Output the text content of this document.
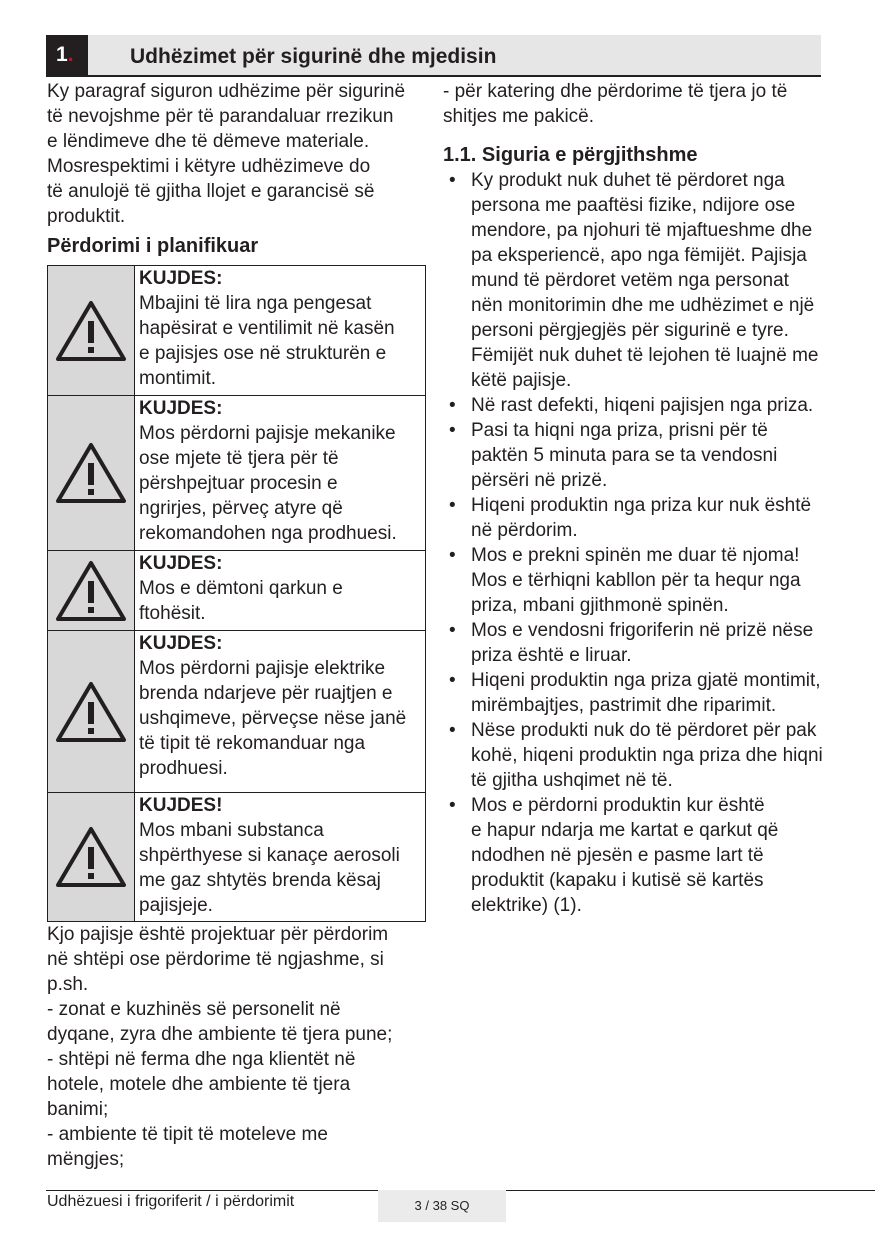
1.	Udhëzimet për sigurinë dhe mjedisin

Ky paragraf siguron udhëzime për sigurinë
të nevojshme për të parandaluar rrezikun
e lëndimeve dhe të dëmeve materiale.
Mosrespektimi i këtyre udhëzimeve do
të anulojë të gjitha llojet e garancisë së
produktit.

Përdorimi i planifikuar

KUJDES:
Mbajini të lira nga pengesat
hapësirat e ventilimit në kasën
e pajisjes ose në strukturën e
montimit.
KUJDES:
Mos përdorni pajisje mekanike
ose mjete të tjera për të
përshpejtuar procesin e
ngrirjes, përveç atyre që
rekomandohen nga prodhuesi.
KUJDES:
Mos e dëmtoni qarkun e
ftohësit.
KUJDES:
Mos përdorni pajisje elektrike
brenda ndarjeve për ruajtjen e
ushqimeve, përveçse nëse janë
të tipit të rekomanduar nga
prodhuesi.
KUJDES!
Mos mbani substanca
shpërthyese si kanaçe aerosoli
me gaz shtytës brenda kësaj
pajisjeje.

Kjo pajisje është projektuar për përdorim
në shtëpi ose përdorime të ngjashme, si
p.sh.
- zonat e kuzhinës së personelit në
dyqane, zyra dhe ambiente të tjera pune;
- shtëpi në ferma dhe nga klientët në
hotele, motele dhe ambiente të tjera
banimi;
- ambiente të tipit të moteleve me
mëngjes;

- për katering dhe përdorime të tjera jo të
shitjes me pakicë.

1.1. Siguria e përgjithshme

• Ky produkt nuk duhet të përdoret nga
persona me paaftësi fizike, ndijore ose
mendore, pa njohuri të mjaftueshme dhe
pa eksperiencë, apo nga fëmijët. Pajisja
mund të përdoret vetëm nga personat
nën monitorimin dhe me udhëzimet e një
personi përgjegjës për sigurinë e tyre.
Fëmijët nuk duhet të lejohen të luajnë me
këtë pajisje.
• Në rast defekti, hiqeni pajisjen nga priza.
• Pasi ta hiqni nga priza, prisni për të
paktën 5 minuta para se ta vendosni
përsëri në prizë.
• Hiqeni produktin nga priza kur nuk është
në përdorim.
• Mos e prekni spinën me duar të njoma!
Mos e tërhiqni kabllon për ta hequr nga
priza, mbani gjithmonë spinën.
• Mos e vendosni frigoriferin në prizë nëse
priza është e liruar.
• Hiqeni produktin nga priza gjatë montimit,
mirëmbajtjes, pastrimit dhe riparimit.
• Nëse produkti nuk do të përdoret për pak
kohë, hiqeni produktin nga priza dhe hiqni
të gjitha ushqimet në të.
• Mos e përdorni produktin kur është
e hapur ndarja me kartat e qarkut që
ndodhen në pjesën e pasme lart të
produktit (kapaku i kutisë së kartës
elektrike) (1).
Udhëzuesi i frigoriferit / i përdorimit	3 / 38 SQ
